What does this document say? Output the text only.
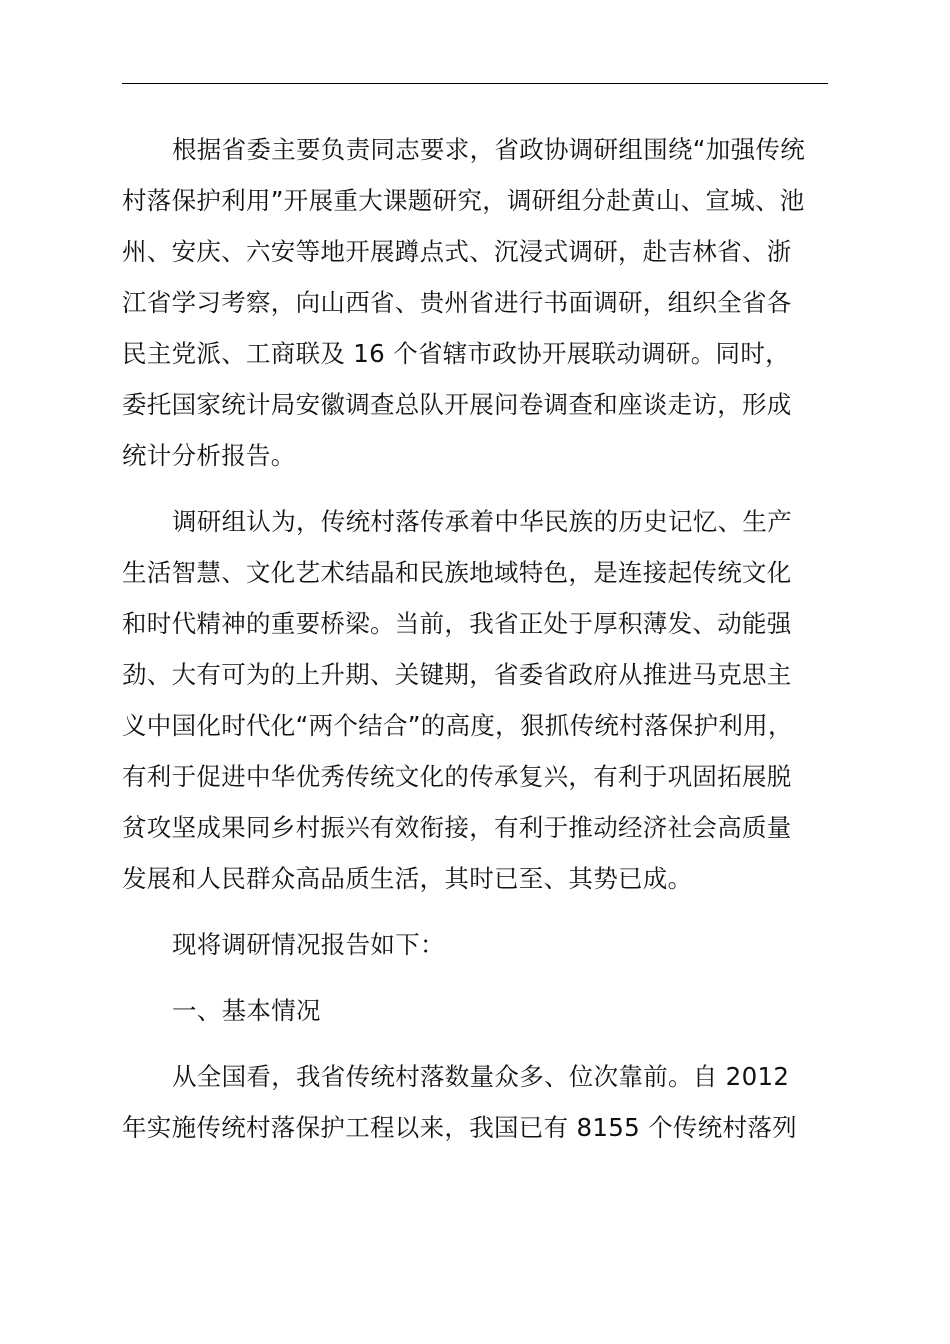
根据省委主要负责同志要求，省政协调研组围绕“加强传统
村落保护利用”开展重大课题研究，调研组分赴黄山、宣城、池
州、安庆、六安等地开展蹲点式、沉浸式调研，赴吉林省、浙
江省学习考察，向山西省、贵州省进行书面调研，组织全省各
民主党派、工商联及 16 个省辖市政协开展联动调研。同时，
委托国家统计局安徽调查总队开展问卷调查和座谈走访，形成
统计分析报告。
调研组认为，传统村落传承着中华民族的历史记忆、生产
生活智慧、文化艺术结晶和民族地域特色，是连接起传统文化
和时代精神的重要桥梁。当前，我省正处于厚积薄发、动能强
劲、大有可为的上升期、关键期，省委省政府从推进马克思主
义中国化时代化“两个结合”的高度，狠抓传统村落保护利用，
有利于促进中华优秀传统文化的传承复兴，有利于巩固拓展脱
贫攻坚成果同乡村振兴有效衔接，有利于推动经济社会高质量
发展和人民群众高品质生活，其时已至、其势已成。
现将调研情况报告如下：
一、基本情况
从全国看，我省传统村落数量众多、位次靠前。自 2012
年实施传统村落保护工程以来，我国已有 8155 个传统村落列
